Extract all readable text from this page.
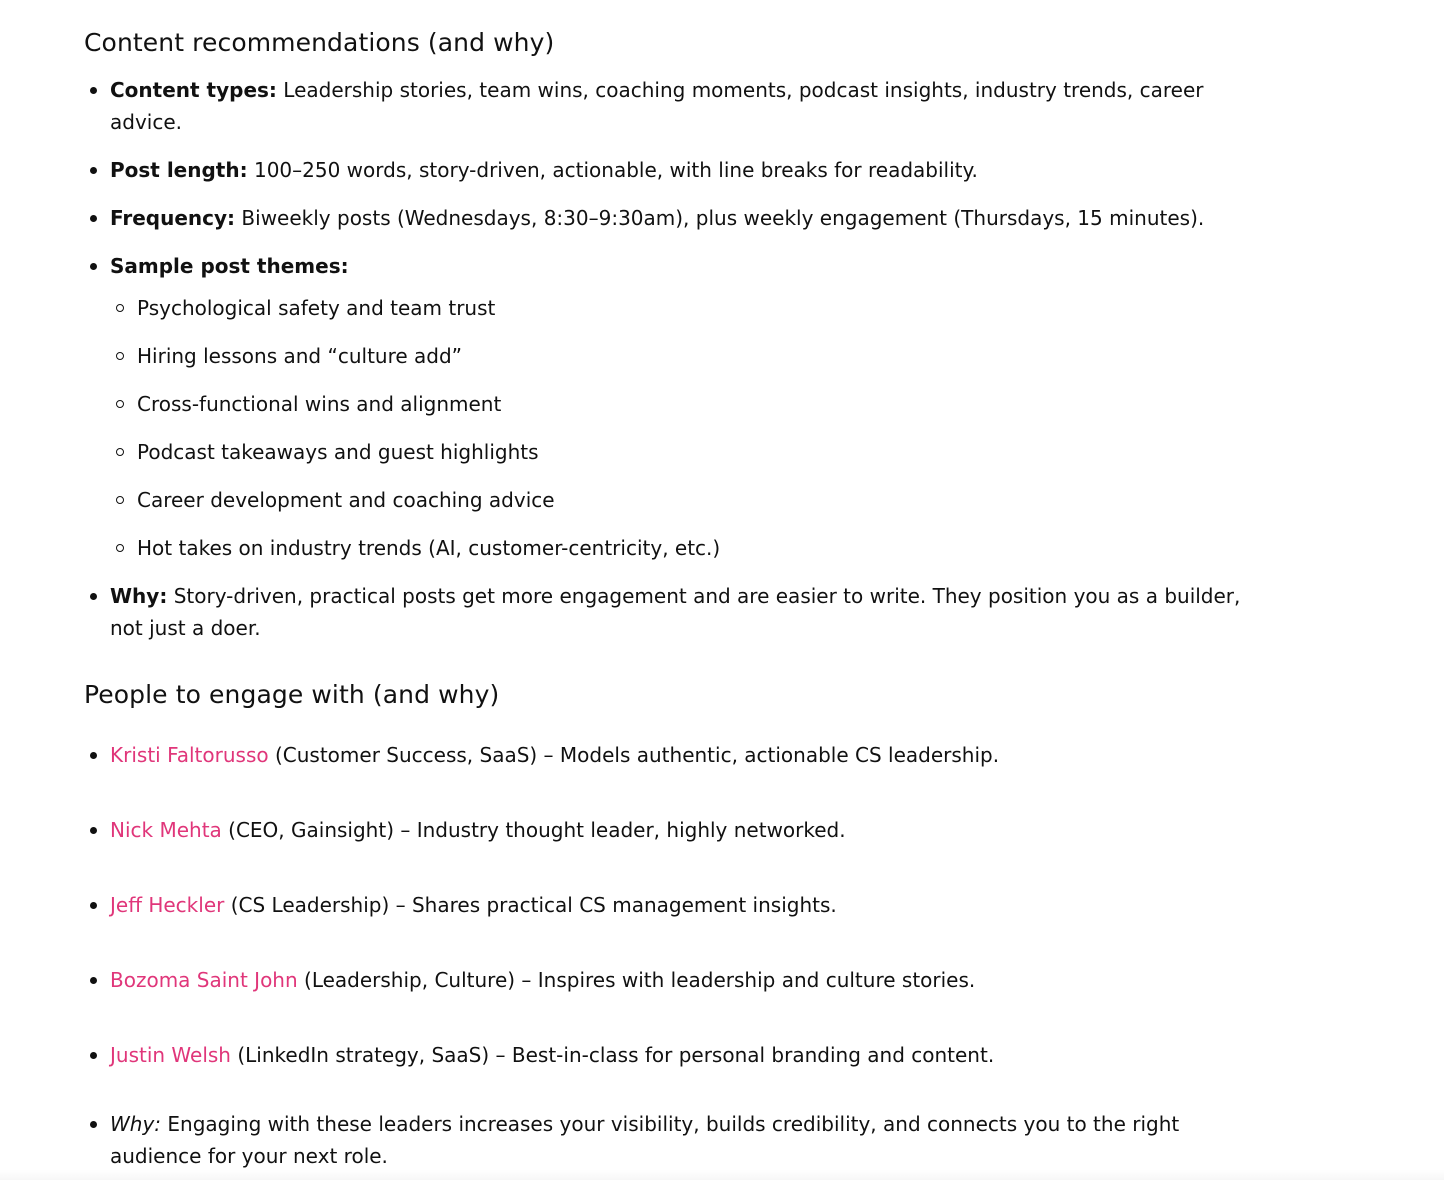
Content recommendations (and why)
Content types: Leadership stories, team wins, coaching moments, podcast insights, industry trends, career advice.
Post length: 100–250 words, story-driven, actionable, with line breaks for readability.
Frequency: Biweekly posts (Wednesdays, 8:30–9:30am), plus weekly engagement (Thursdays, 15 minutes).
Sample post themes:
Psychological safety and team trust
Hiring lessons and “culture add”
Cross-functional wins and alignment
Podcast takeaways and guest highlights
Career development and coaching advice
Hot takes on industry trends (AI, customer-centricity, etc.)
Why: Story-driven, practical posts get more engagement and are easier to write. They position you as a builder, not just a doer.
People to engage with (and why)
Kristi Faltorusso (Customer Success, SaaS) – Models authentic, actionable CS leadership.
Nick Mehta (CEO, Gainsight) – Industry thought leader, highly networked.
Jeff Heckler (CS Leadership) – Shares practical CS management insights.
Bozoma Saint John (Leadership, Culture) – Inspires with leadership and culture stories.
Justin Welsh (LinkedIn strategy, SaaS) – Best-in-class for personal branding and content.
Why: Engaging with these leaders increases your visibility, builds credibility, and connects you to the right audience for your next role.
